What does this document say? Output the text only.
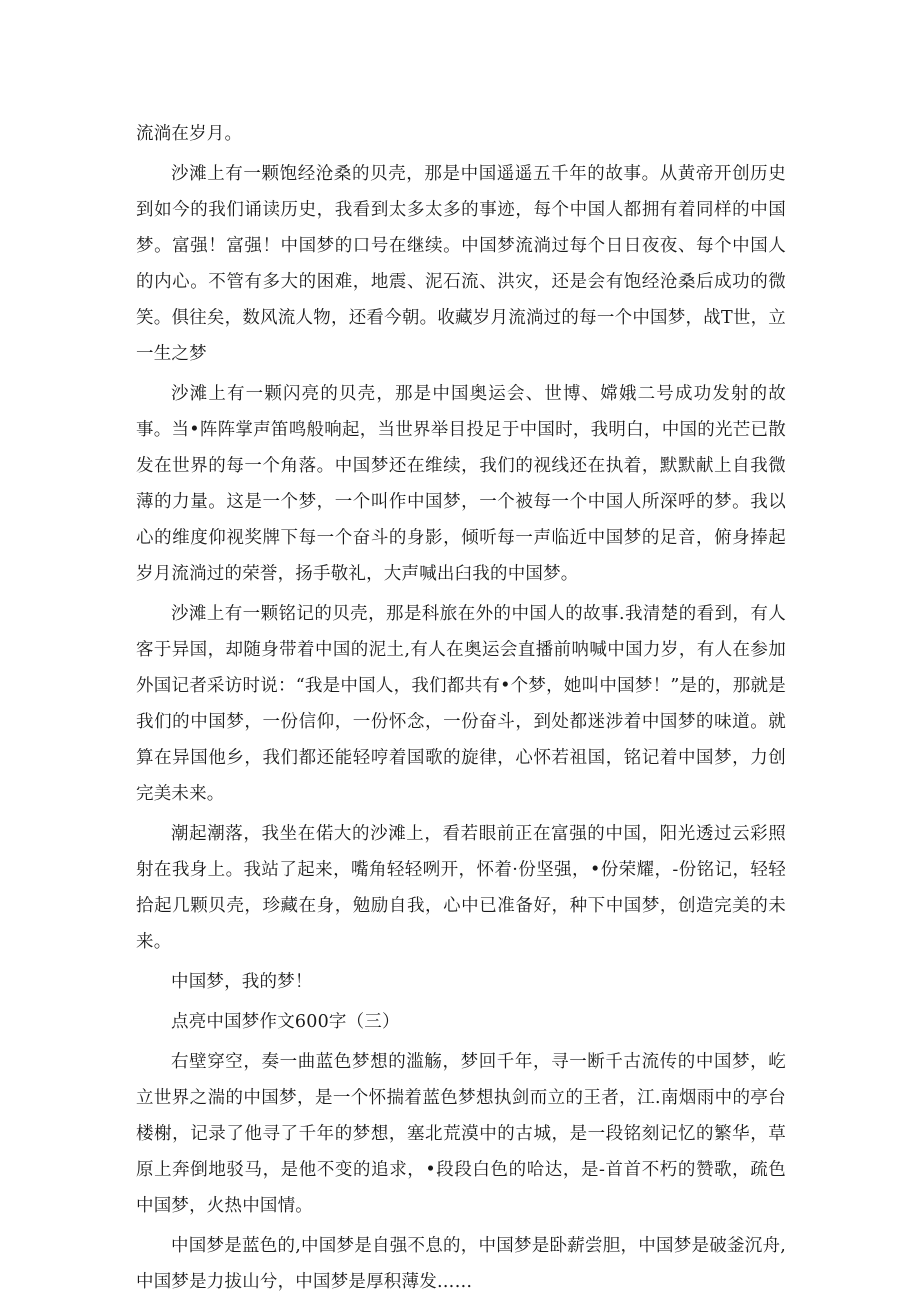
流淌在岁月。

沙滩上有一颗饱经沧桑的贝壳，那是中国遥遥五千年的故事。从黄帝开创历史到如今的我们诵读历史，我看到太多太多的事迹，每个中国人都拥有着同样的中国梦。富强！富强！中国梦的口号在继续。中国梦流淌过每个日日夜夜、每个中国人的内心。不管有多大的困难，地震、泥石流、洪灾，还是会有饱经沧桑后成功的微笑。俱往矣，数风流人物，还看今朝。收藏岁月流淌过的每一个中国梦，战T世，立一生之梦

沙滩上有一颗闪亮的贝壳，那是中国奥运会、世博、嫦娥二号成功发射的故事。当•阵阵掌声笛鸣般响起，当世界举目投足于中国时，我明白，中国的光芒已散发在世界的每一个角落。中国梦还在维续，我们的视线还在执着，默默献上自我微薄的力量。这是一个梦，一个叫作中国梦，一个被每一个中国人所深呼的梦。我以心的维度仰视奖牌下每一个奋斗的身影，倾听每一声临近中国梦的足音，俯身捧起岁月流淌过的荣誉，扬手敬礼，大声喊出臼我的中国梦。

沙滩上有一颗铭记的贝壳，那是科旅在外的中国人的故事.我清楚的看到，有人客于异国，却随身带着中国的泥土,有人在奥运会直播前呐喊中国力岁，有人在参加外国记者采访时说：“我是中国人，我们都共有•个梦，她叫中国梦！”是的，那就是我们的中国梦，一份信仰，一份怀念，一份奋斗，到处都迷涉着中国梦的味道。就算在异国他乡，我们都还能轻哼着国歌的旋律，心怀若祖国，铭记着中国梦，力创完美未来。

潮起潮落，我坐在偌大的沙滩上，看若眼前正在富强的中国，阳光透过云彩照射在我身上。我站了起来，嘴角轻轻咧开，怀着·份坚强，•份荣耀，-份铭记，轻轻拾起几颗贝壳，珍藏在身，勉励自我，心中已准备好，种下中国梦，创造完美的未来。

中国梦，我的梦！

点亮中国梦作文600字（三）

右壁穿空，奏一曲蓝色梦想的滥觞，梦回千年，寻一断千古流传的中国梦，屹立世界之湍的中国梦，是一个怀揣着蓝色梦想执剑而立的王者，江.南烟雨中的亭台楼榭，记录了他寻了千年的梦想，塞北荒漠中的古城，是一段铭刻记忆的繁华，草原上奔倒地驳马，是他不变的追求，•段段白色的哈达，是-首首不朽的赞歌，疏色中国梦，火热中国情。

中国梦是蓝色的,中国梦是自强不息的，中国梦是卧薪尝胆，中国梦是破釜沉舟,中国梦是力拔山兮，中国梦是厚积薄发……
